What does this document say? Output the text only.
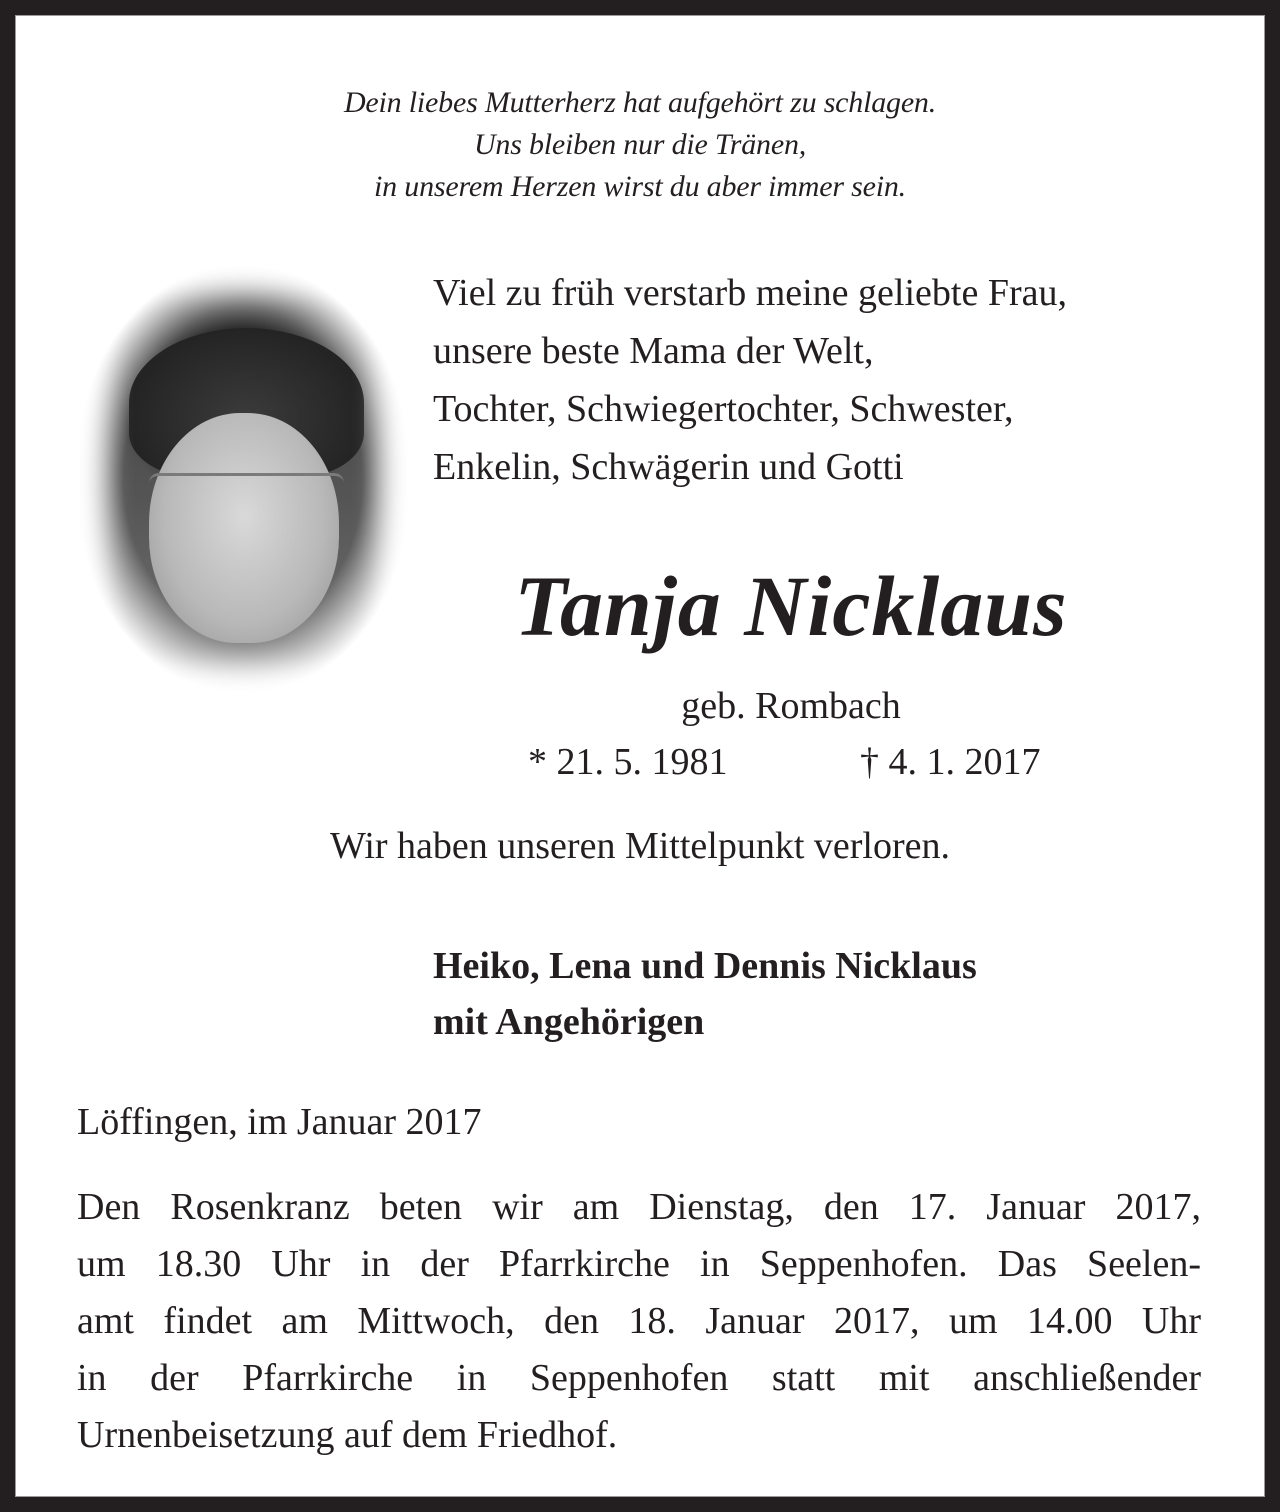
Dein liebes Mutterherz hat aufgehört zu schlagen.
Uns bleiben nur die Tränen,
in unserem Herzen wirst du aber immer sein.
Viel zu früh verstarb meine geliebte Frau,
unsere beste Mama der Welt,
Tochter, Schwiegertochter, Schwester,
Enkelin, Schwägerin und Gotti
Tanja Nicklaus
geb. Rombach
* 21. 5. 1981	† 4. 1. 2017
Wir haben unseren Mittelpunkt verloren.
Heiko, Lena und Dennis Nicklaus
mit Angehörigen
Löffingen, im Januar 2017
Den Rosenkranz beten wir am Dienstag, den 17. Januar 2017,
um 18.30 Uhr in der Pfarrkirche in Seppenhofen. Das Seelen-
amt findet am Mittwoch, den 18. Januar 2017, um 14.00 Uhr
in der Pfarrkirche in Seppenhofen statt mit anschließender
Urnenbeisetzung auf dem Friedhof.
